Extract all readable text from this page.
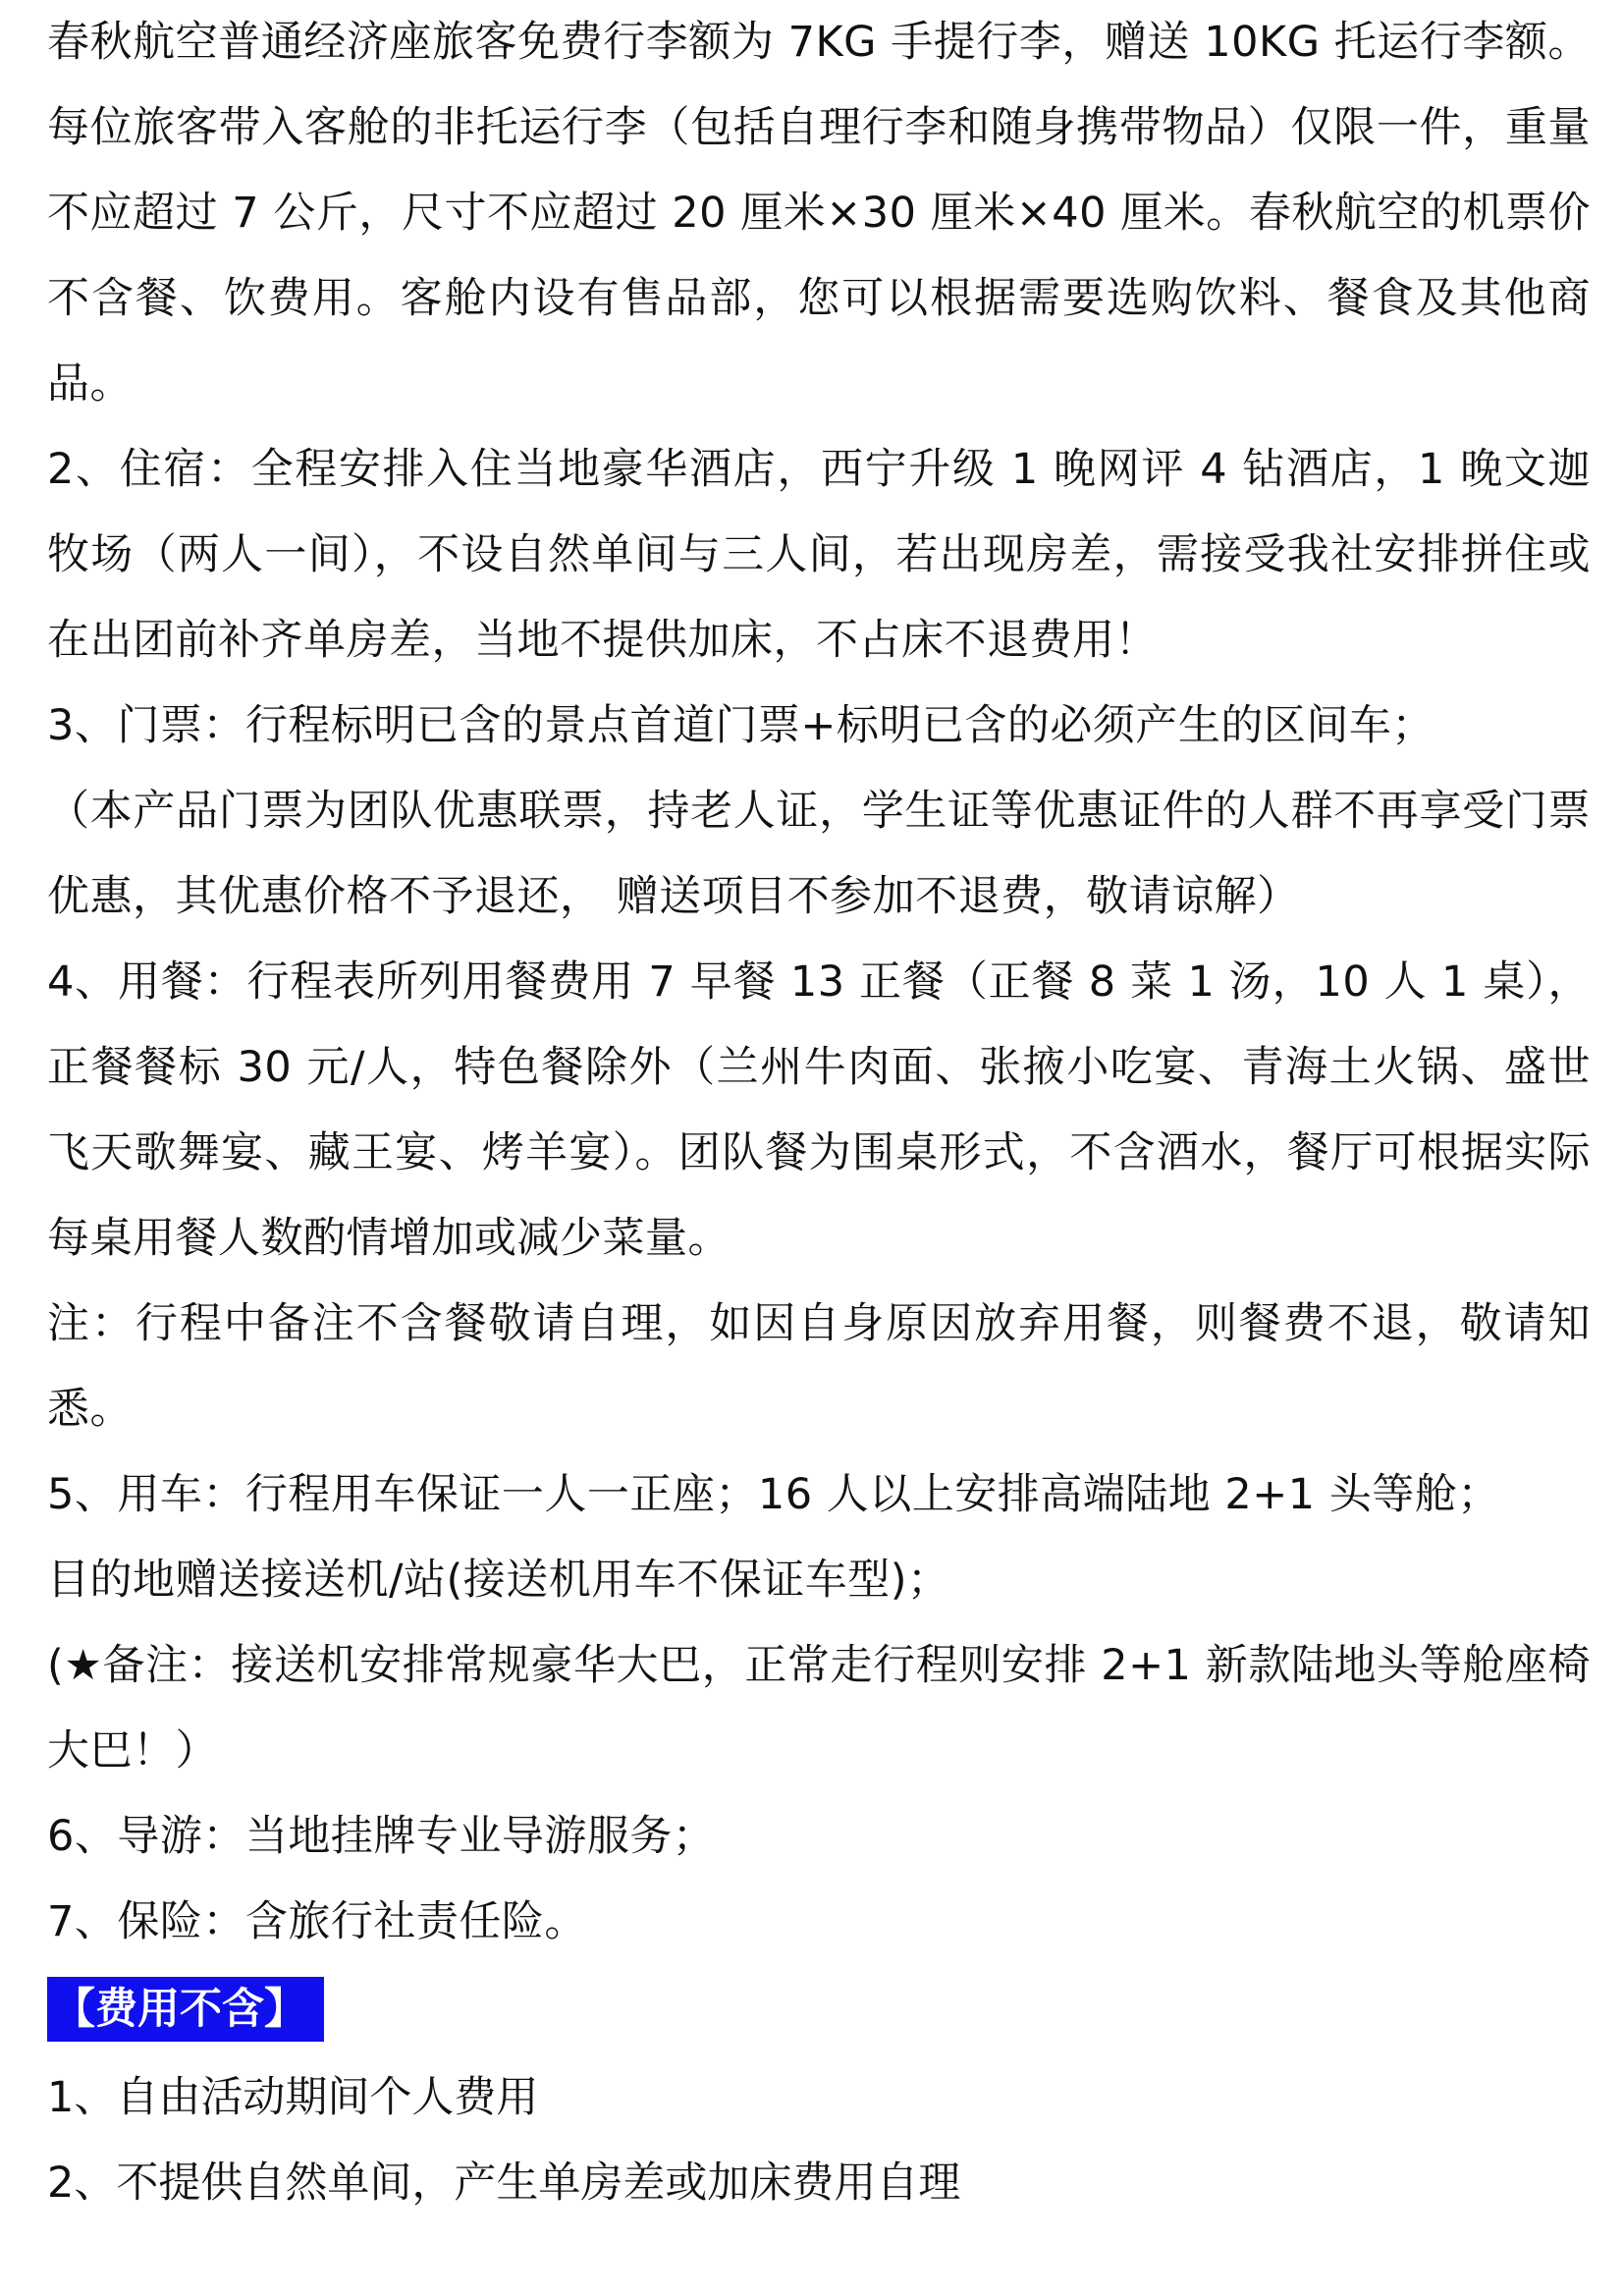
春秋航空普通经济座旅客免费行李额为 7KG 手提行李，赠送 10KG 托运行李额。每位旅客带入客舱的非托运行李（包括自理行李和随身携带物品）仅限一件，重量不应超过 7 公斤，尺寸不应超过 20 厘米×30 厘米×40 厘米。春秋航空的机票价不含餐、饮费用。客舱内设有售品部，您可以根据需要选购饮料、餐食及其他商品。

2、住宿：全程安排入住当地豪华酒店，西宁升级 1 晚网评 4 钻酒店，1 晚文迦牧场（两人一间），不设自然单间与三人间，若出现房差，需接受我社安排拼住或在出团前补齐单房差，当地不提供加床，不占床不退费用！

3、门票：行程标明已含的景点首道门票+标明已含的必须产生的区间车；

（本产品门票为团队优惠联票，持老人证，学生证等优惠证件的人群不再享受门票优惠，其优惠价格不予退还， 赠送项目不参加不退费，敬请谅解）

4、用餐：行程表所列用餐费用 7 早餐 13 正餐（正餐 8 菜 1 汤，10 人 1 桌），正餐餐标 30 元/人，特色餐除外（兰州牛肉面、张掖小吃宴、青海土火锅、盛世飞天歌舞宴、藏王宴、烤羊宴）。团队餐为围桌形式，不含酒水，餐厅可根据实际每桌用餐人数酌情增加或减少菜量。

注：行程中备注不含餐敬请自理，如因自身原因放弃用餐，则餐费不退，敬请知悉。

5、用车：行程用车保证一人一正座；16 人以上安排高端陆地 2+1 头等舱；

目的地赠送接送机/站(接送机用车不保证车型)；

(★备注：接送机安排常规豪华大巴，正常走行程则安排 2+1 新款陆地头等舱座椅大巴！）

6、导游：当地挂牌专业导游服务；

7、保险：含旅行社责任险。

【费用不含】

1、自由活动期间个人费用

2、不提供自然单间，产生单房差或加床费用自理
